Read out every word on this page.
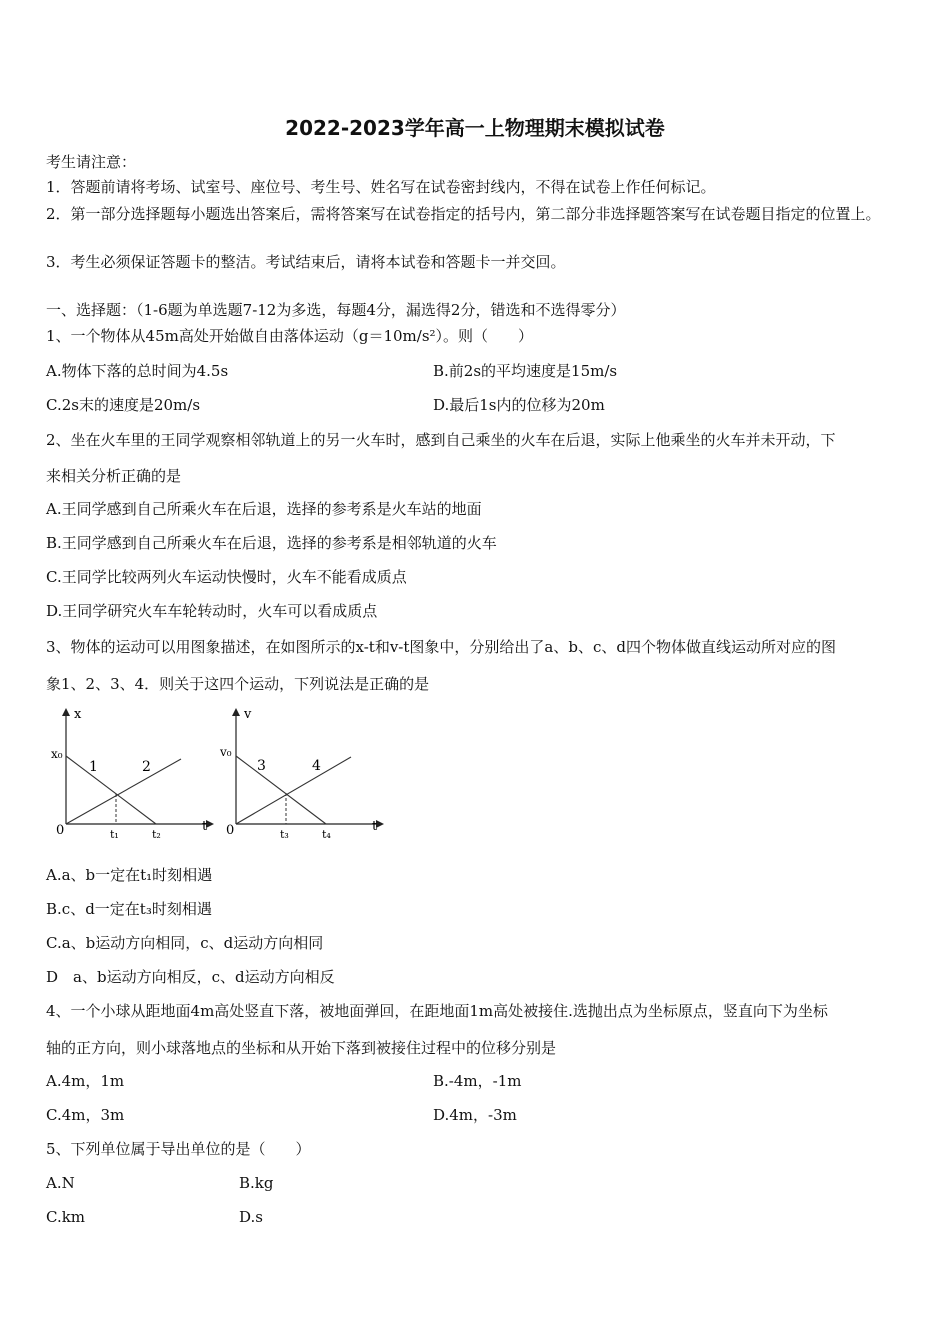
2022-2023学年高一上物理期末模拟试卷
考生请注意：
1．答题前请将考场、试室号、座位号、考生号、姓名写在试卷密封线内，不得在试卷上作任何标记。
2．第一部分选择题每小题选出答案后，需将答案写在试卷指定的括号内，第二部分非选择题答案写在试卷题目指定的位置上。
3．考生必须保证答题卡的整洁。考试结束后，请将本试卷和答题卡一并交回。
一、选择题：（1-6题为单选题7-12为多选，每题4分，漏选得2分，错选和不选得零分）
1、一个物体从45m高处开始做自由落体运动（g＝10m/s²）。则（　　）
A.物体下落的总时间为4.5s	B.前2s的平均速度是15m/s
C.2s末的速度是20m/s	D.最后1s内的位移为20m
2、坐在火车里的王同学观察相邻轨道上的另一火车时，感到自己乘坐的火车在后退，实际上他乘坐的火车并未开动，下
来相关分析正确的是
A.王同学感到自己所乘火车在后退，选择的参考系是火车站的地面
B.王同学感到自己所乘火车在后退，选择的参考系是相邻轨道的火车
C.王同学比较两列火车运动快慢时，火车不能看成质点
D.王同学研究火车车轮转动时，火车可以看成质点
3、物体的运动可以用图象描述，在如图所示的x-t和v-t图象中，分别给出了a、b、c、d四个物体做直线运动所对应的图
象1、2、3、4．则关于这四个运动，下列说法是正确的是
x
t
0
x₀
1	2
t₁	t₂
v
t
0
v₀
3	4
t₃	t₄
A.a、b一定在t₁时刻相遇
B.c、d一定在t₃时刻相遇
C.a、b运动方向相同，c、d运动方向相同
D　a、b运动方向相反，c、d运动方向相反
4、一个小球从距地面4m高处竖直下落，被地面弹回，在距地面1m高处被接住.选抛出点为坐标原点，竖直向下为坐标
轴的正方向，则小球落地点的坐标和从开始下落到被接住过程中的位移分别是
A.4m，1m	B.-4m，-1m
C.4m，3m	D.4m，-3m
5、下列单位属于导出单位的是（　　）
A.N	B.kg
C.km	D.s
